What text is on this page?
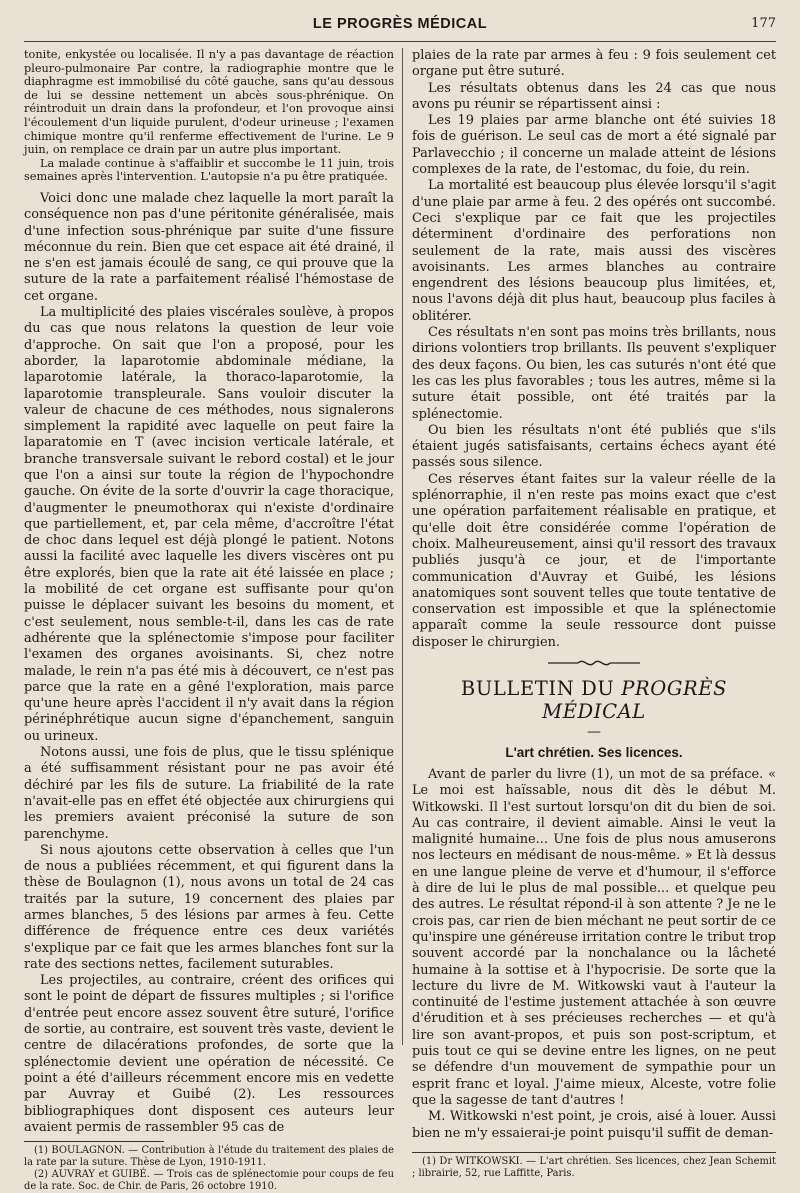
LE PROGRÈS MÉDICAL	177

tonite, enkystée ou localisée. Il n'y a pas davantage de réaction pleuro-pulmonaire Par contre, la radiographie montre que le diaphragme est immobilisé du côté gauche, sans qu'au dessous de lui se dessine nettement un abcès sous-phrénique. On réintroduit un drain dans la profondeur, et l'on provoque ainsi l'écoulement d'un liquide purulent, d'odeur urineuse ; l'examen chimique montre qu'il renferme effectivement de l'urine. Le 9 juin, on remplace ce drain par un autre plus important.

La malade continue à s'affaiblir et succombe le 11 juin, trois semaines après l'intervention. L'autopsie n'a pu être pratiquée.

Voici donc une malade chez laquelle la mort paraît la conséquence non pas d'une péritonite généralisée, mais d'une infection sous-phrénique par suite d'une fissure méconnue du rein. Bien que cet espace ait été drainé, il ne s'en est jamais écoulé de sang, ce qui prouve que la suture de la rate a parfaitement réalisé l'hémostase de cet organe.

La multiplicité des plaies viscérales soulève, à propos du cas que nous relatons la question de leur voie d'approche. On sait que l'on a proposé, pour les aborder, la laparotomie abdominale médiane, la laparotomie latérale, la thoraco-laparotomie, la laparotomie transpleurale. Sans vouloir discuter la valeur de chacune de ces méthodes, nous signalerons simplement la rapidité avec laquelle on peut faire la laparatomie en T (avec incision verticale latérale, et branche transversale suivant le rebord costal) et le jour que l'on a ainsi sur toute la région de l'hypochondre gauche. On évite de la sorte d'ouvrir la cage thoracique, d'augmenter le pneumothorax qui n'existe d'ordinaire que partiellement, et, par cela même, d'accroître l'état de choc dans lequel est déjà plongé le patient. Notons aussi la facilité avec laquelle les divers viscères ont pu être explorés, bien que la rate ait été laissée en place ; la mobilité de cet organe est suffisante pour qu'on puisse le déplacer suivant les besoins du moment, et c'est seulement, nous semble-t-il, dans les cas de rate adhérente que la splénectomie s'impose pour faciliter l'examen des organes avoisinants. Si, chez notre malade, le rein n'a pas été mis à découvert, ce n'est pas parce que la rate en a gêné l'exploration, mais parce qu'une heure après l'accident il n'y avait dans la région périnéphrétique aucun signe d'épanchement, sanguin ou urineux.

Notons aussi, une fois de plus, que le tissu splénique a été suffisamment résistant pour ne pas avoir été déchiré par les fils de suture. La friabilité de la rate n'avait-elle pas en effet été objectée aux chirurgiens qui les premiers avaient préconisé la suture de son parenchyme.

Si nous ajoutons cette observation à celles que l'un de nous a publiées récemment, et qui figurent dans la thèse de Boulagnon (1), nous avons un total de 24 cas traités par la suture, 19 concernent des plaies par armes blanches, 5 des lésions par armes à feu. Cette différence de fréquence entre ces deux variétés s'explique par ce fait que les armes blanches font sur la rate des sections nettes, facilement suturables.

Les projectiles, au contraire, créent des orifices qui sont le point de départ de fissures multiples ; si l'orifice d'entrée peut encore assez souvent être suturé, l'orifice de sortie, au contraire, est souvent très vaste, devient le centre de dilacérations profondes, de sorte que la splénectomie devient une opération de nécessité. Ce point a été d'ailleurs récemment encore mis en vedette par Auvray et Guibé (2). Les ressources bibliographiques dont disposent ces auteurs leur avaient permis de rassembler 95 cas de

(1) BOULAGNON. — Contribution à l'étude du traitement des plaies de la rate par la suture. Thèse de Lyon, 1910-1911.

(2) AUVRAY et GUIBÉ. — Trois cas de splénectomie pour coups de feu de la rate. Soc. de Chir. de Paris, 26 octobre 1910.

plaies de la rate par armes à feu : 9 fois seulement cet organe put être suturé.

Les résultats obtenus dans les 24 cas que nous avons pu réunir se répartissent ainsi :

Les 19 plaies par arme blanche ont été suivies 18 fois de guérison. Le seul cas de mort a été signalé par Parlavecchio ; il concerne un malade atteint de lésions complexes de la rate, de l'estomac, du foie, du rein.

La mortalité est beaucoup plus élevée lorsqu'il s'agit d'une plaie par arme à feu. 2 des opérés ont succombé. Ceci s'explique par ce fait que les projectiles déterminent d'ordinaire des perforations non seulement de la rate, mais aussi des viscères avoisinants. Les armes blanches au contraire engendrent des lésions beaucoup plus limitées, et, nous l'avons déjà dit plus haut, beaucoup plus faciles à oblitérer.

Ces résultats n'en sont pas moins très brillants, nous dirions volontiers trop brillants. Ils peuvent s'expliquer des deux façons. Ou bien, les cas suturés n'ont été que les cas les plus favorables ; tous les autres, même si la suture était possible, ont été traités par la splénectomie.

Ou bien les résultats n'ont été publiés que s'ils étaient jugés satisfaisants, certains échecs ayant été passés sous silence.

Ces réserves étant faites sur la valeur réelle de la splénorraphie, il n'en reste pas moins exact que c'est une opération parfaitement réalisable en pratique, et qu'elle doit être considérée comme l'opération de choix. Malheureusement, ainsi qu'il ressort des travaux publiés jusqu'à ce jour, et de l'importante communication d'Auvray et Guibé, les lésions anatomiques sont souvent telles que toute tentative de conservation est impossible et que la splénectomie apparaît comme la seule ressource dont puisse disposer le chirurgien.

BULLETIN DU PROGRÈS MÉDICAL
—
L'art chrétien. Ses licences.

Avant de parler du livre (1), un mot de sa préface. « Le moi est haïssable, nous dit dès le début M. Witkowski. Il l'est surtout lorsqu'on dit du bien de soi. Au cas contraire, il devient aimable. Ainsi le veut la malignité humaine... Une fois de plus nous amuserons nos lecteurs en médisant de nous-même. » Et là dessus en une langue pleine de verve et d'humour, il s'efforce à dire de lui le plus de mal possible... et quelque peu des autres. Le résultat répond-il à son attente ? Je ne le crois pas, car rien de bien méchant ne peut sortir de ce qu'inspire une généreuse irritation contre le tribut trop souvent accordé par la nonchalance ou la lâcheté humaine à la sottise et à l'hypocrisie. De sorte que la lecture du livre de M. Witkowski vaut à l'auteur la continuité de l'estime justement attachée à son œuvre d'érudition et à ses précieuses recherches — et qu'à lire son avant-propos, et puis son post-scriptum, et puis tout ce qui se devine entre les lignes, on ne peut se défendre d'un mouvement de sympathie pour un esprit franc et loyal. J'aime mieux, Alceste, votre folie que la sagesse de tant d'autres !

M. Witkowski n'est point, je crois, aisé à louer. Aussi bien ne m'y essaierai-je point puisqu'il suffit de deman-

(1) Dr WITKOWSKI. — L'art chrétien. Ses licences, chez Jean Schemit ; librairie, 52, rue Laffitte, Paris.
